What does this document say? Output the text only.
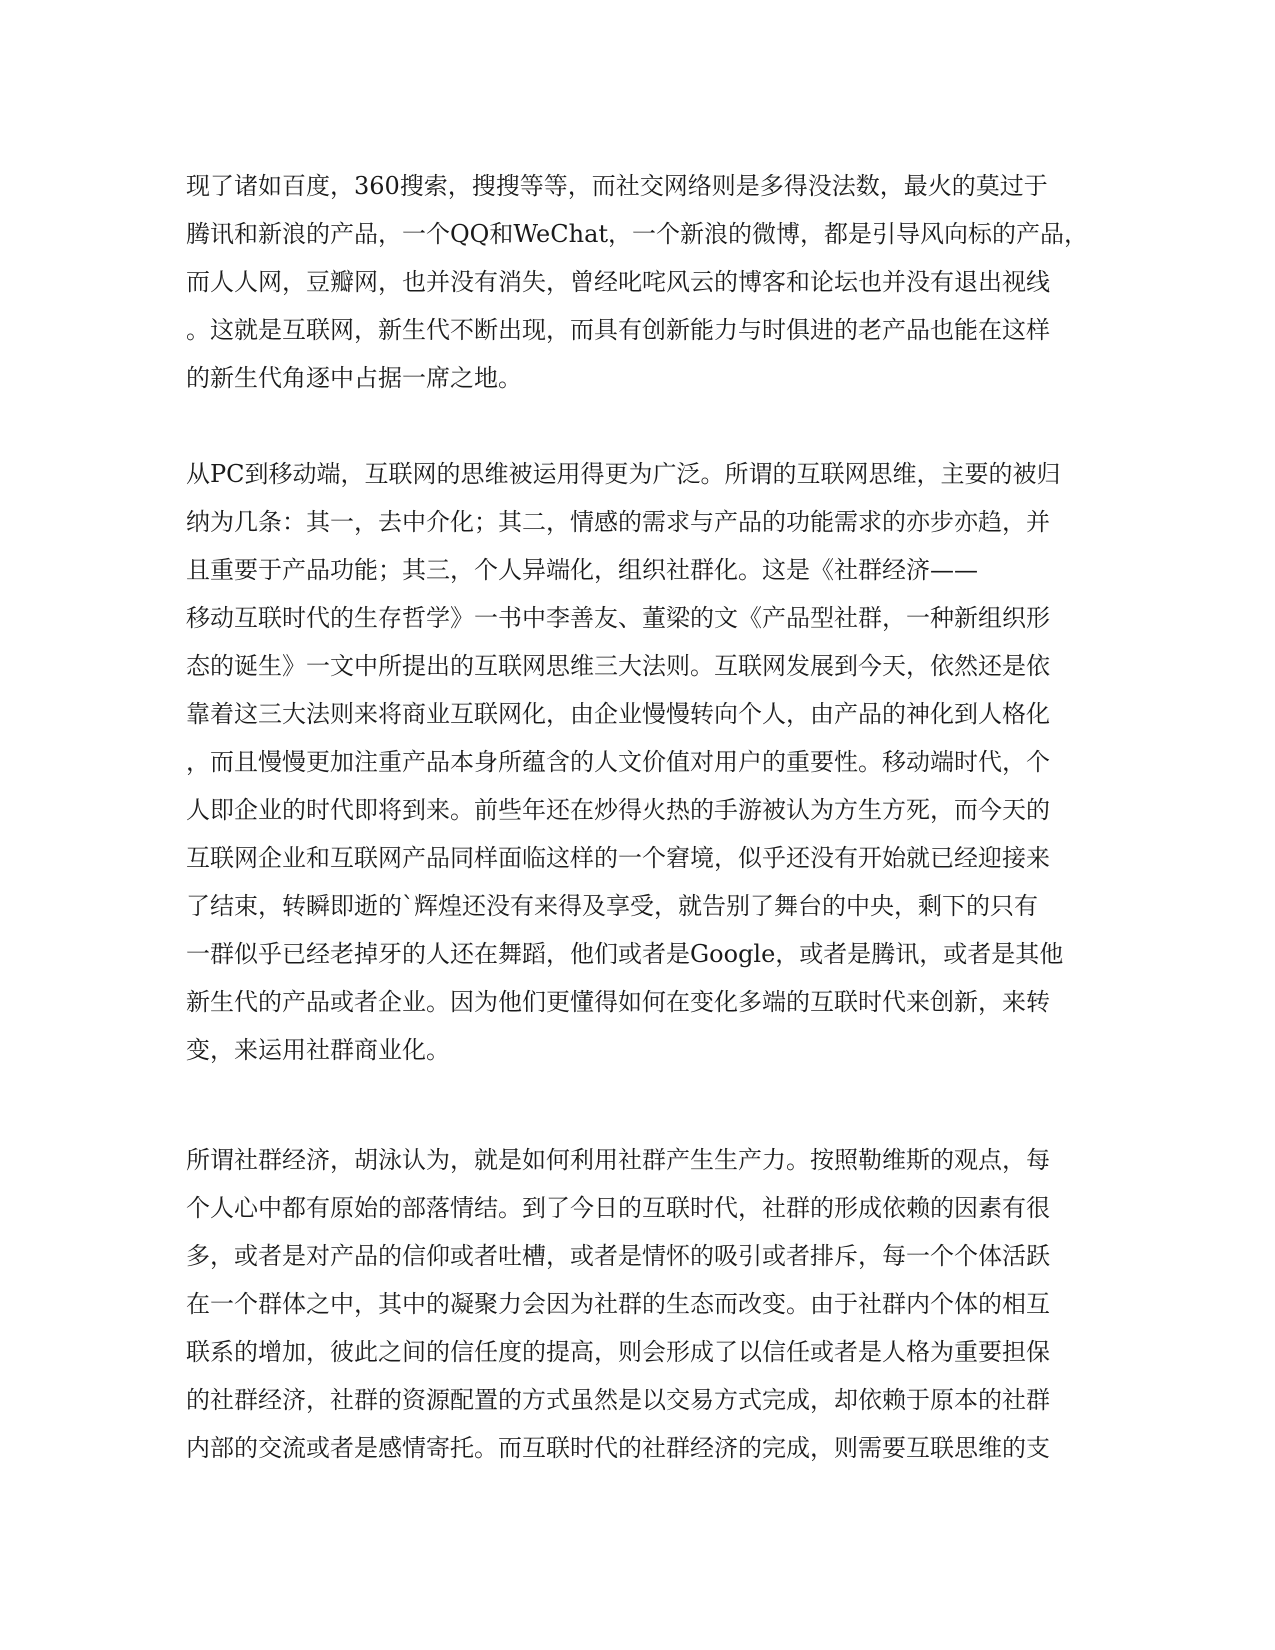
现了诸如百度，360搜索，搜搜等等，而社交网络则是多得没法数，最火的莫过于
腾讯和新浪的产品，一个QQ和WeChat，一个新浪的微博，都是引导风向标的产品，
而人人网，豆瓣网，也并没有消失，曾经叱咤风云的博客和论坛也并没有退出视线
。这就是互联网，新生代不断出现，而具有创新能力与时俱进的老产品也能在这样
的新生代角逐中占据一席之地。
从PC到移动端，互联网的思维被运用得更为广泛。所谓的互联网思维，主要的被归
纳为几条：其一，去中介化；其二，情感的需求与产品的功能需求的亦步亦趋，并
且重要于产品功能；其三，个人异端化，组织社群化。这是《社群经济——
移动互联时代的生存哲学》一书中李善友、董梁的文《产品型社群，一种新组织形
态的诞生》一文中所提出的互联网思维三大法则。互联网发展到今天，依然还是依
靠着这三大法则来将商业互联网化，由企业慢慢转向个人，由产品的神化到人格化
，而且慢慢更加注重产品本身所蕴含的人文价值对用户的重要性。移动端时代，个
人即企业的时代即将到来。前些年还在炒得火热的手游被认为方生方死，而今天的
互联网企业和互联网产品同样面临这样的一个窘境，似乎还没有开始就已经迎接来
了结束，转瞬即逝的`辉煌还没有来得及享受，就告别了舞台的中央，剩下的只有
一群似乎已经老掉牙的人还在舞蹈，他们或者是Google，或者是腾讯，或者是其他
新生代的产品或者企业。因为他们更懂得如何在变化多端的互联时代来创新，来转
变，来运用社群商业化。
所谓社群经济，胡泳认为，就是如何利用社群产生生产力。按照勒维斯的观点，每
个人心中都有原始的部落情结。到了今日的互联时代，社群的形成依赖的因素有很
多，或者是对产品的信仰或者吐槽，或者是情怀的吸引或者排斥，每一个个体活跃
在一个群体之中，其中的凝聚力会因为社群的生态而改变。由于社群内个体的相互
联系的增加，彼此之间的信任度的提高，则会形成了以信任或者是人格为重要担保
的社群经济，社群的资源配置的方式虽然是以交易方式完成，却依赖于原本的社群
内部的交流或者是感情寄托。而互联时代的社群经济的完成，则需要互联思维的支
